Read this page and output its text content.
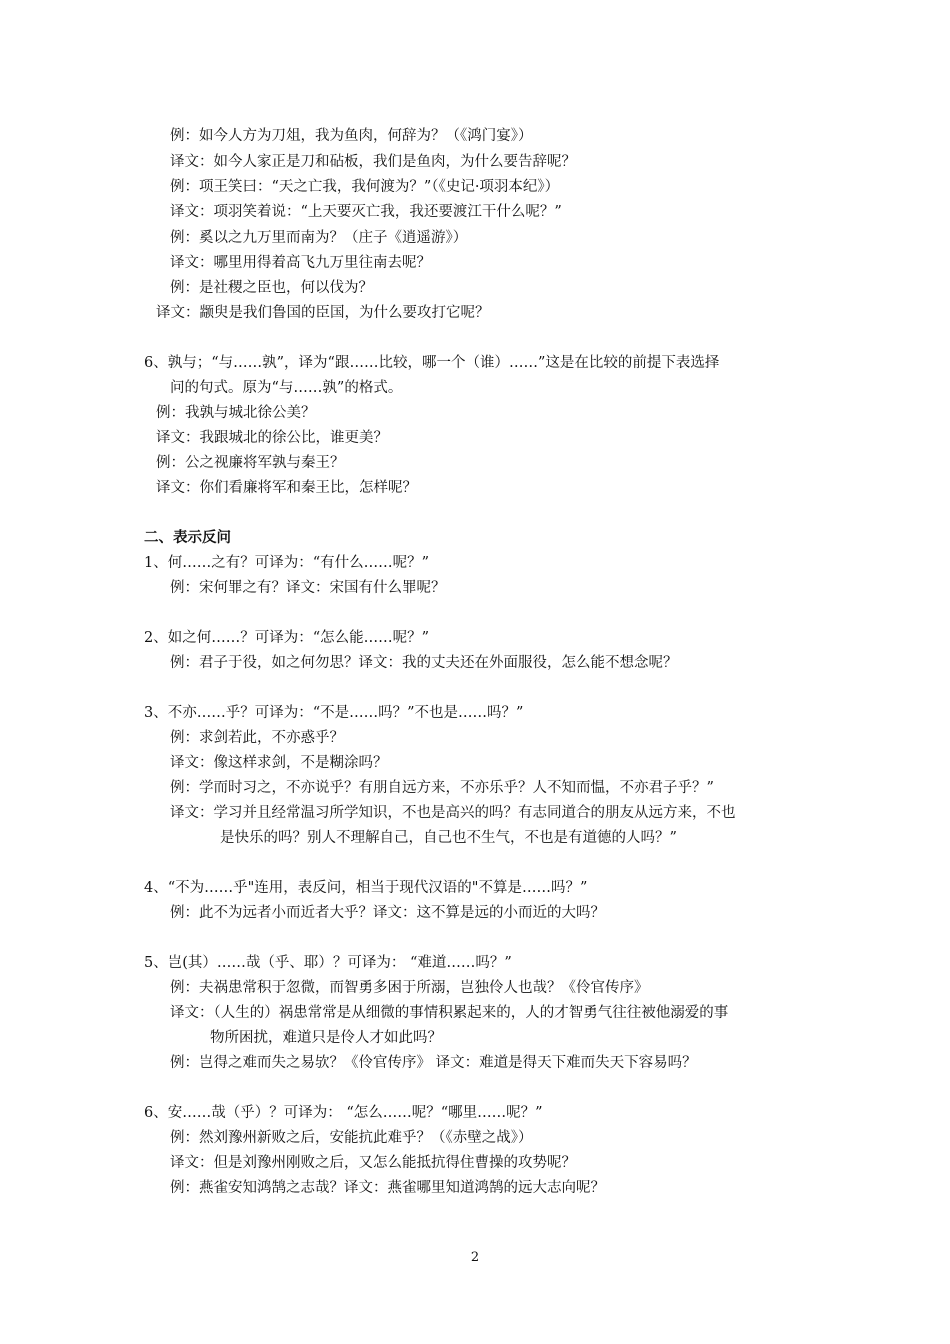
例：如今人方为刀俎，我为鱼肉，何辞为？（《鸿门宴》）
译文：如今人家正是刀和砧板，我们是鱼肉，为什么要告辞呢？
例：项王笑曰：“天之亡我，我何渡为？”（《史记·项羽本纪》）
译文：项羽笑着说：“上天要灭亡我，我还要渡江干什么呢？”
例：奚以之九万里而南为？（庄子《逍遥游》）
译文：哪里用得着高飞九万里往南去呢？
例：是社稷之臣也，何以伐为？
译文：颛臾是我们鲁国的臣国，为什么要攻打它呢？
6、孰与；“与……孰”，译为“跟……比较，哪一个（谁）……”这是在比较的前提下表选择
问的句式。原为“与……孰”的格式。
例：我孰与城北徐公美？
译文：我跟城北的徐公比，谁更美？
例：公之视廉将军孰与秦王？
译文：你们看廉将军和秦王比，怎样呢？
二、表示反问
1、何……之有？可译为：“有什么……呢？”
例：宋何罪之有？译文：宋国有什么罪呢？
2、如之何……？可译为：“怎么能……呢？”
例：君子于役，如之何勿思？译文：我的丈夫还在外面服役，怎么能不想念呢？
3、不亦……乎？可译为：“不是……吗？”不也是……吗？”
例：求剑若此，不亦惑乎？
译文：像这样求剑，不是糊涂吗？
例：学而时习之，不亦说乎？有朋自远方来，不亦乐乎？人不知而愠，不亦君子乎？”
译文：学习并且经常温习所学知识，不也是高兴的吗？有志同道合的朋友从远方来，不也
是快乐的吗？别人不理解自己，自己也不生气，不也是有道德的人吗？”
4、“不为……乎"连用，表反问，相当于现代汉语的"不算是……吗？”
例：此不为远者小而近者大乎？译文：这不算是远的小而近的大吗？
5、岂(其）……哉（乎、耶）？可译为： “难道……吗？”
例：夫祸患常积于忽微，而智勇多困于所溺，岂独伶人也哉？《伶官传序》
译文：（人生的）祸患常常是从细微的事情积累起来的，人的才智勇气往往被他溺爱的事
物所困扰，难道只是伶人才如此吗？
例：岂得之难而失之易欤？《伶官传序》 译文：难道是得天下难而失天下容易吗？
6、安……哉（乎）？可译为： “怎么……呢？“哪里……呢？”
例：然刘豫州新败之后，安能抗此难乎？（《赤壁之战》）
译文：但是刘豫州刚败之后，又怎么能抵抗得住曹操的攻势呢？
例：燕雀安知鸿鹄之志哉？译文：燕雀哪里知道鸿鹄的远大志向呢？
2
